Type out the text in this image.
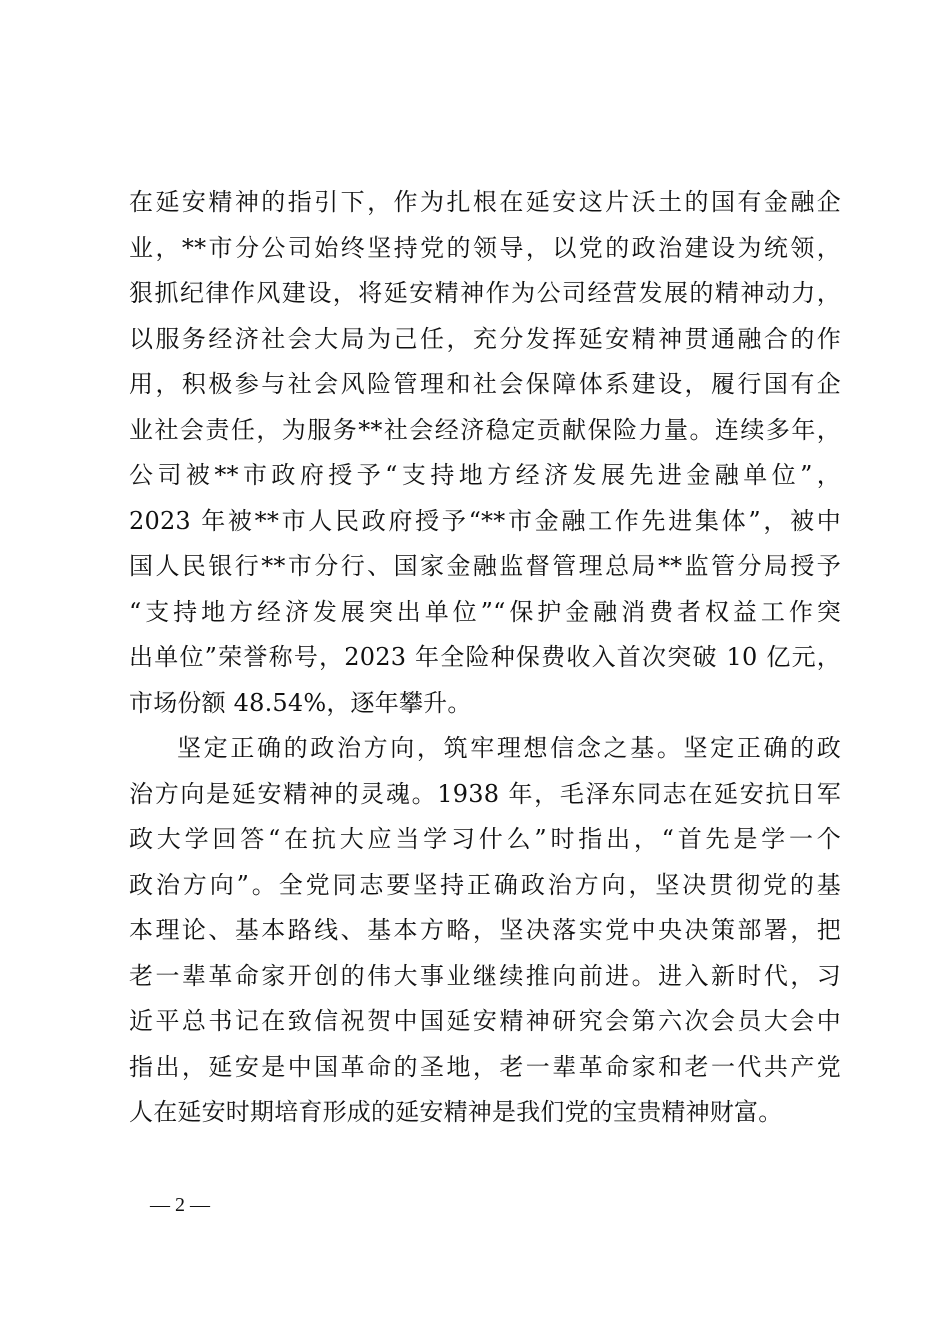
在延安精神的指引下，作为扎根在延安这片沃土的国有金融企
业，**市分公司始终坚持党的领导，以党的政治建设为统领，
狠抓纪律作风建设，将延安精神作为公司经营发展的精神动力，
以服务经济社会大局为己任，充分发挥延安精神贯通融合的作
用，积极参与社会风险管理和社会保障体系建设，履行国有企
业社会责任，为服务**社会经济稳定贡献保险力量。连续多年，
公司被**市政府授予“支持地方经济发展先进金融单位”，
2023 年被**市人民政府授予“**市金融工作先进集体”，被中
国人民银行**市分行、国家金融监督管理总局**监管分局授予
“支持地方经济发展突出单位”“保护金融消费者权益工作突
出单位”荣誉称号，2023 年全险种保费收入首次突破 10 亿元，
市场份额 48.54%，逐年攀升。
坚定正确的政治方向，筑牢理想信念之基。坚定正确的政
治方向是延安精神的灵魂。1938 年，毛泽东同志在延安抗日军
政大学回答“在抗大应当学习什么”时指出，“首先是学一个
政治方向”。全党同志要坚持正确政治方向，坚决贯彻党的基
本理论、基本路线、基本方略，坚决落实党中央决策部署，把
老一辈革命家开创的伟大事业继续推向前进。进入新时代，习
近平总书记在致信祝贺中国延安精神研究会第六次会员大会中
指出，延安是中国革命的圣地，老一辈革命家和老一代共产党
人在延安时期培育形成的延安精神是我们党的宝贵精神财富。
— 2 —
